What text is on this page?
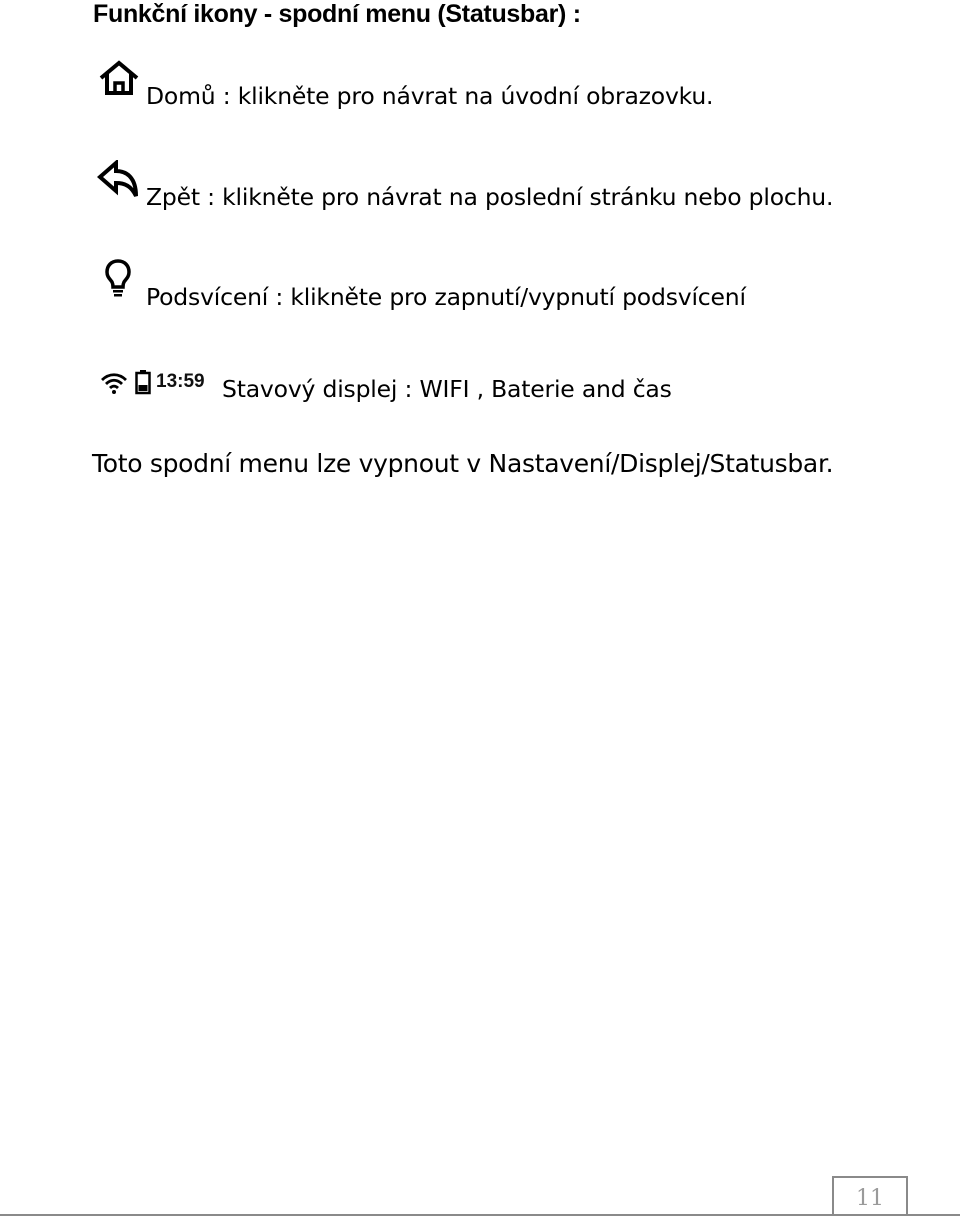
Funkční ikony - spodní menu (Statusbar) :
Domů : klikněte pro návrat na úvodní obrazovku.
Zpět : klikněte pro návrat na poslední stránku nebo plochu.
Podsvícení : klikněte pro zapnutí/vypnutí podsvícení
13:59 Stavový displej : WIFI , Baterie and čas
Toto spodní menu lze vypnout v Nastavení/Displej/Statusbar.
11
